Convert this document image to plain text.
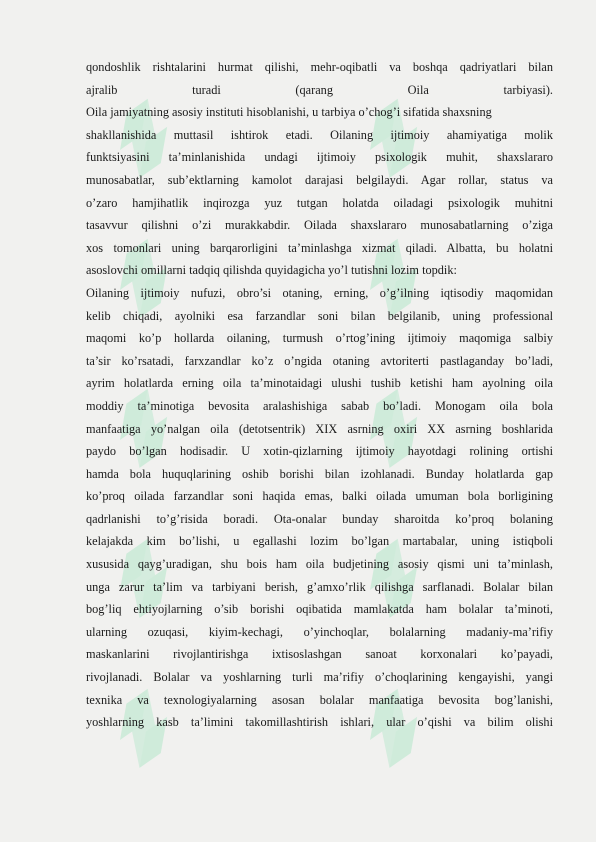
qondoshlik rishtalarini hurmat qilishi, mehr-oqibatli va boshqa qadriyatlari bilan
ajralib turadi (qarang Oila tarbiyasi).
Oila jamiyatning asosiy instituti hisoblanishi, u tarbiya o’chog’i sifatida shaxsning
shakllanishida muttasil ishtirok etadi. Oilaning ijtimoiy ahamiyatiga molik
funktsiyasini ta’minlanishida undagi ijtimoiy psixologik muhit, shaxslararo
munosabatlar, sub’ektlarning kamolot darajasi belgilaydi. Agar rollar, status va
o’zaro hamjihatlik inqirozga yuz tutgan holatda oiladagi psixologik muhitni
tasavvur qilishni o’zi murakkabdir. Oilada shaxslararo munosabatlarning o’ziga
xos tomonlari uning barqarorligini ta’minlashga xizmat qiladi. Albatta, bu holatni
asoslovchi omillarni tadqiq qilishda quyidagicha yo’l tutishni lozim topdik:
Oilaning ijtimoiy nufuzi, obro’si otaning, erning, o’g’ilning iqtisodiy maqomidan
kelib chiqadi, ayolniki esa farzandlar soni bilan belgilanib, uning professional
maqomi ko’p hollarda oilaning, turmush o’rtog’ining ijtimoiy maqomiga salbiy
ta’sir ko’rsatadi, farxzandlar ko’z o’ngida otaning avtoriterti pastlaganday bo’ladi,
ayrim holatlarda erning oila ta’minotaidagi ulushi tushib ketishi ham ayolning oila
moddiy ta’minotiga bevosita aralashishiga sabab bo’ladi. Monogam oila bola
manfaatiga yo’nalgan oila (detotsentrik) XIX asrning oxiri XX asrning boshlarida
paydo bo’lgan hodisadir. U xotin-qizlarning ijtimoiy hayotdagi rolining ortishi
hamda bola huquqlarining oshib borishi bilan izohlanadi. Bunday holatlarda gap
ko’proq oilada farzandlar soni haqida emas, balki oilada umuman bola borligining
qadrlanishi to’g’risida boradi. Ota-onalar bunday sharoitda ko’proq bolaning
kelajakda kim bo’lishi, u egallashi lozim bo’lgan martabalar, uning istiqboli
xususida qayg’uradigan, shu bois ham oila budjetining asosiy qismi uni ta’minlash,
unga zarur ta’lim va tarbiyani berish, g’amxo’rlik qilishga sarflanadi. Bolalar bilan
bog’liq ehtiyojlarning o’sib borishi oqibatida mamlakatda ham bolalar ta’minoti,
ularning ozuqasi, kiyim-kechagi, o’yinchoqlar, bolalarning madaniy-ma’rifiy
maskanlarini rivojlantirishga ixtisoslashgan sanoat korxonalari ko’payadi,
rivojlanadi. Bolalar va yoshlarning turli ma’rifiy o’choqlarining kengayishi, yangi
texnika va texnologiyalarning asosan bolalar manfaatiga bevosita bog’lanishi,
yoshlarning kasb ta’limini takomillashtirish ishlari, ular o’qishi va bilim olishi
